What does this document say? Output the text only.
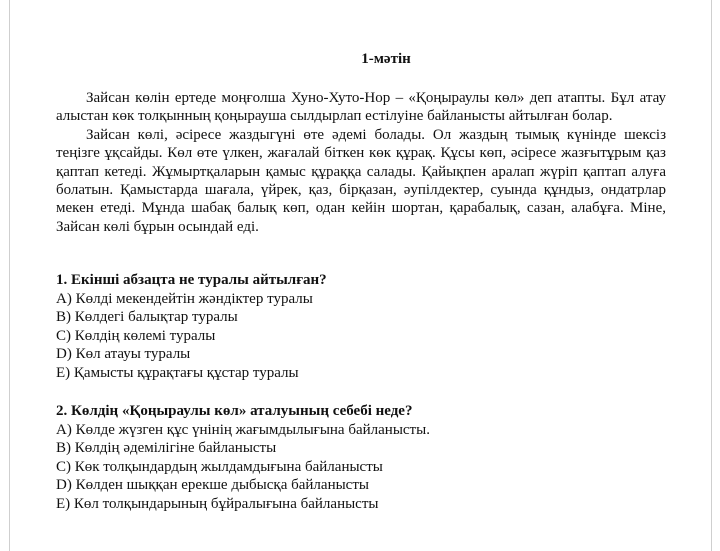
1-мәтін

Зайсан көлін ертеде моңғолша Хуно-Хуто-Нор – «Қоңыраулы көл» деп атапты. Бұл атау алыстан көк толқынның қоңырауша сылдырлап естілуіне байланысты айтылған болар.

Зайсан көлі, әсіресе жаздыгүні өте әдемі болады. Ол жаздың тымық күнінде шексіз теңізге ұқсайды. Көл өте үлкен, жағалай біткен көк құрақ. Құсы көп, әсіресе жазғытұрым қаз қаптап кетеді. Жұмыртқаларын қамыс құраққа салады. Қайықпен аралап жүріп қаптап алуға болатын. Қамыстарда шағала, үйрек, қаз, бірқазан, әупілдектер, суында құндыз, ондатрлар мекен етеді. Мұнда шабақ балық көп, одан кейін шортан, қарабалық, сазан, алабұға. Міне, Зайсан көлі бұрын осындай еді.

1. Екінші абзацта не туралы айтылған?
A) Көлді мекендейтін жәндіктер туралы
B) Көлдегі балықтар туралы
C) Көлдің көлемі туралы
D) Көл атауы туралы
E) Қамысты құрақтағы құстар туралы
2. Көлдің «Қоңыраулы көл» аталуының себебі неде?
A) Көлде жүзген құс үнінің жағымдылығына байланысты.
B) Көлдің әдемілігіне байланысты
C) Көк толқындардың жылдамдығына байланысты
D) Көлден шыққан ерекше дыбысқа байланысты
E) Көл толқындарының бұйралығына байланысты
